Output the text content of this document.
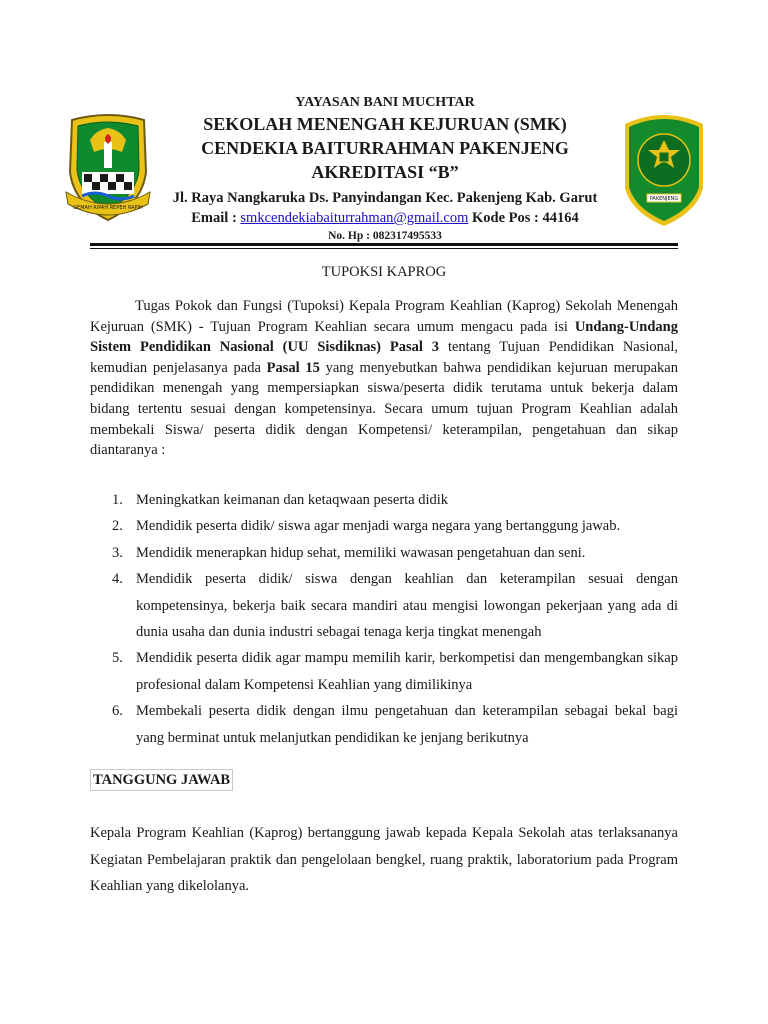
GEMAH RIPAH REPEH RAPIH
PAKENJENG
YAYASAN BANI MUCHTAR
SEKOLAH MENENGAH KEJURUAN (SMK)
CENDEKIA BAITURRAHMAN PAKENJENG
AKREDITASI “B”
Jl. Raya Nangkaruka Ds. Panyindangan Kec. Pakenjeng Kab. Garut
Email : smkcendekiabaiturrahman@gmail.com Kode Pos : 44164
No. Hp : 082317495533
TUPOKSI KAPROG

Tugas Pokok dan Fungsi (Tupoksi) Kepala Program Keahlian (Kaprog) Sekolah Menengah Kejuruan (SMK) - Tujuan Program Keahlian secara umum mengacu pada isi Undang-Undang Sistem Pendidikan Nasional (UU Sisdiknas) Pasal 3 tentang Tujuan Pendidikan Nasional, kemudian penjelasanya pada Pasal 15 yang menyebutkan bahwa pendidikan kejuruan merupakan pendidikan menengah yang mempersiapkan siswa/peserta didik terutama untuk bekerja dalam bidang tertentu sesuai dengan kompetensinya. Secara umum tujuan Program Keahlian adalah membekali Siswa/ peserta didik dengan Kompetensi/ keterampilan, pengetahuan dan sikap diantaranya :

1. Meningkatkan keimanan dan ketaqwaan peserta didik
2. Mendidik peserta didik/ siswa agar menjadi warga negara yang bertanggung jawab.
3. Mendidik menerapkan hidup sehat, memiliki wawasan pengetahuan dan seni.
4. Mendidik peserta didik/ siswa dengan keahlian dan keterampilan sesuai dengan kompetensinya, bekerja baik secara mandiri atau mengisi lowongan pekerjaan yang ada di dunia usaha dan dunia industri sebagai tenaga kerja tingkat menengah
5. Mendidik peserta didik agar mampu memilih karir, berkompetisi dan mengembangkan sikap profesional dalam Kompetensi Keahlian yang dimilikinya
6. Membekali peserta didik dengan ilmu pengetahuan dan keterampilan sebagai bekal bagi yang berminat untuk melanjutkan pendidikan ke jenjang berikutnya
TANGGUNG JAWAB

Kepala Program Keahlian (Kaprog) bertanggung jawab kepada Kepala Sekolah atas terlaksananya Kegiatan Pembelajaran praktik dan pengelolaan bengkel, ruang praktik, laboratorium pada Program Keahlian yang dikelolanya.
